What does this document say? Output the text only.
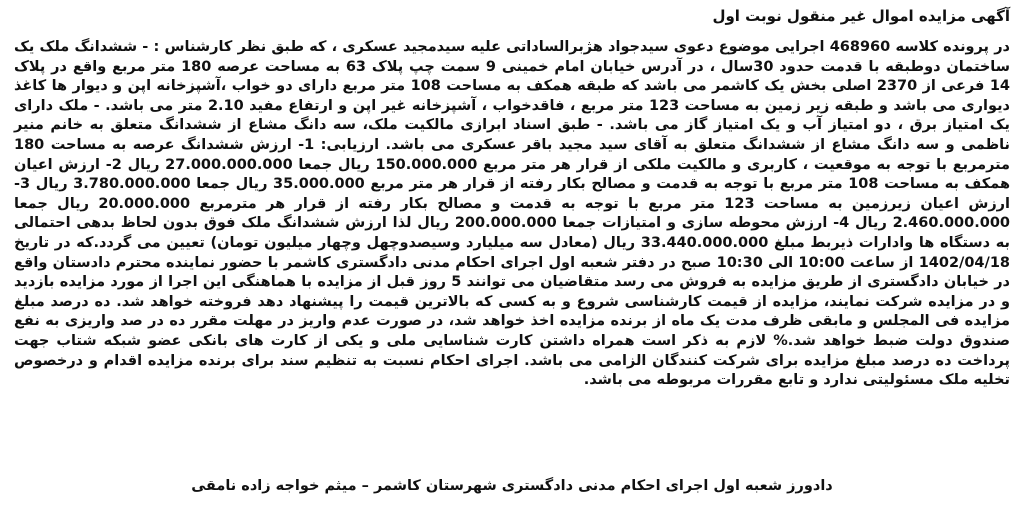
آگهی مزایده اموال غیر منقول نوبت اول

در پرونده کلاسه 468960 اجرایی موضوع دعوی سیدجواد هژبرالساداتی علیه سیدمجید عسکری ، که طبق نظر کارشناس : - ششدانگ ملک یک ساختمان دوطبقه با قدمت حدود 30سال ، در آدرس خیابان امام خمینی 9 سمت چپ پلاک 63 به مساحت عرصه 180 متر مربع واقع در پلاک 14 فرعی از 2370 اصلی بخش یک کاشمر می باشد که طبقه همکف به مساحت 108 متر مربع دارای دو خواب ،آشپزخانه اپن و دیوار ها کاغذ دیواری می باشد و طبقه زیر زمین به مساحت 123 متر مربع ، فاقدخواب ، آشپزخانه غیر اپن و ارتفاع مفید 2.10 متر می باشد. - ملک دارای یک امتیاز برق ، دو امتیاز آب و یک امتیاز گاز می باشد. - طبق اسناد ابرازی مالکیت ملک، سه دانگ مشاع از ششدانگ متعلق به خانم منیر ناظمی و سه دانگ مشاع از ششدانگ متعلق به آقای سید مجید باقر عسکری می باشد. ارزیابی: 1- ارزش ششدانگ عرصه به مساحت 180 مترمربع با توجه به موقعیت ، کاربری و مالکیت ملکی از قرار هر متر مربع 150.000.000 ریال جمعا 27.000.000.000 ریال 2- ارزش اعیان همکف به مساحت 108 متر مربع با توجه به قدمت و مصالح بکار رفته از قرار هر متر مربع 35.000.000 ریال جمعا 3.780.000.000 ریال 3- ارزش اعیان زیرزمین به مساحت 123 متر مربع با توجه به قدمت و مصالح بکار رفته از قرار هر مترمربع 20.000.000 ریال جمعا 2.460.000.000 ریال 4- ارزش محوطه سازی و امتیازات جمعا 200.000.000 ریال لذا ارزش ششدانگ ملک فوق بدون لحاظ بدهی احتمالی به دستگاه ها وادارات ذیربط مبلغ 33.440.000.000 ریال (معادل سه میلیارد وسیصدوچهل وچهار میلیون تومان) تعیین می گردد.که در تاریخ 1402/04/18 از ساعت 10:00 الی 10:30 صبح در دفتر شعبه اول اجرای احکام مدنی دادگستری کاشمر با حضور نماینده محترم دادستان واقع در خیابان دادگستری از طریق مزایده به فروش می رسد متقاضیان می توانند 5 روز قبل از مزایده با هماهنگی این اجرا از مورد مزایده بازدید و در مزایده شرکت نمایند، مزایده از قیمت کارشناسی شروع و به کسی که بالاترین قیمت را پیشنهاد دهد فروخته خواهد شد. ده درصد مبلغ مزایده فی المجلس و مابقی ظرف مدت یک ماه از برنده مزایده اخذ خواهد شد، در صورت عدم واریز در مهلت مقرر ده در صد واریزی به نفع صندوق دولت ضبط خواهد شد.% لازم به ذکر است همراه داشتن کارت شناسایی ملی و یکی از کارت های بانکی عضو شبکه شتاب جهت پرداخت ده درصد مبلغ مزایده برای شرکت کنندگان الزامی می باشد. اجرای احکام نسبت به تنظیم سند برای برنده مزایده اقدام و درخصوص تخلیه ملک مسئولیتی ندارد و تابع مقررات مربوطه می باشد.

دادورز شعبه اول اجرای احکام مدنی دادگستری شهرستان کاشمر – میثم خواجه زاده نامقی
